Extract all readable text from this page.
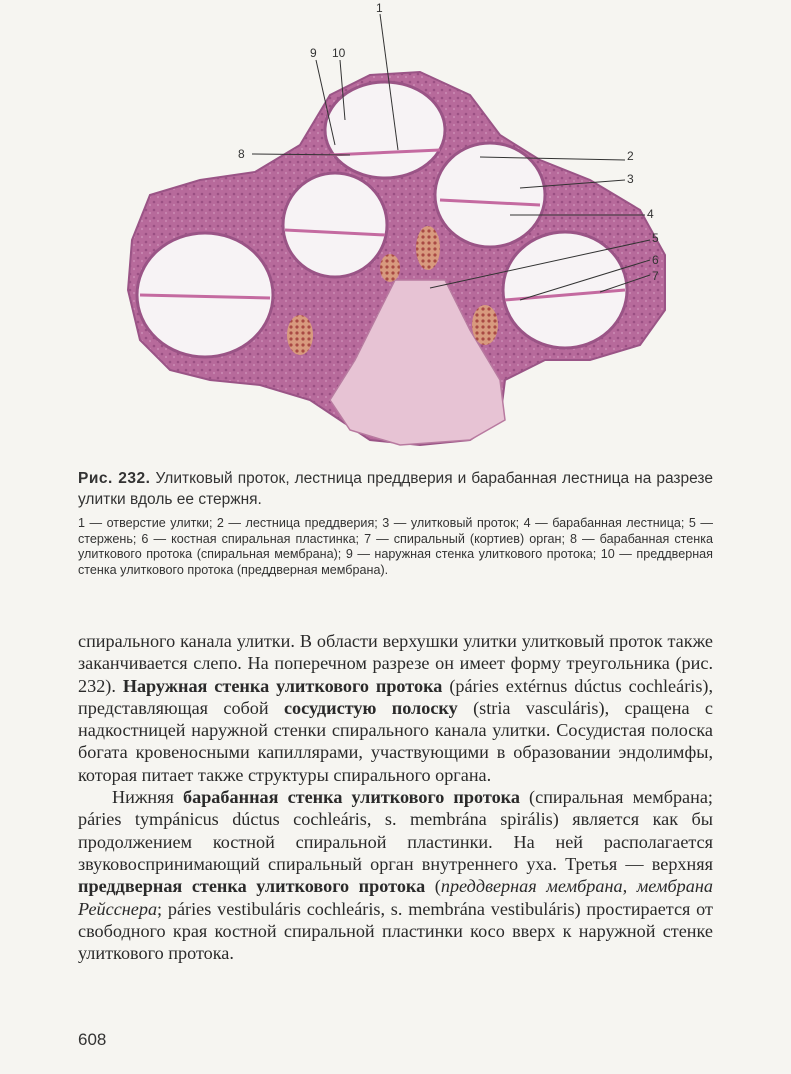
1
2
3
4
5
6
7
8
9 10

Рис. 232. Улитковый проток, лестница преддверия и барабанная лестница на разрезе улитки вдоль ее стержня.

1 — отверстие улитки; 2 — лестница преддверия; 3 — улитковый проток; 4 — барабанная лестница; 5 — стержень; 6 — костная спиральная пластинка; 7 — спиральный (кортиев) орган; 8 — барабанная стенка улиткового протока (спиральная мембрана); 9 — наружная стенка улиткового протока; 10 — преддверная стенка улиткового протока (преддверная мембрана).

спирального канала улитки. В области верхушки улитки улитковый проток также заканчивается слепо. На поперечном разрезе он имеет форму треугольника (рис. 232). Наружная стенка улиткового протока (páries extérnus dúctus cochleáris), представляющая собой сосудистую полоску (stria vasculáris), сращена с надкостницей наружной стенки спирального канала улитки. Сосудистая полоска богата кровеносными капиллярами, участвующими в образовании эндолимфы, которая питает также структуры спирального органа.

Нижняя барабанная стенка улиткового протока (спиральная мембрана; páries tympánicus dúctus cochleáris, s. membrána spirális) является как бы продолжением костной спиральной пластинки. На ней располагается звуковоспринимающий спиральный орган внутреннего уха. Третья — верхняя преддверная стенка улиткового протока (преддверная мембрана, мембрана Рейсснера; páries vestibuláris cochleáris, s. membrána vestibuláris) простирается от свободного края костной спиральной пластинки косо вверх к наружной стенке улиткового протока.

608
